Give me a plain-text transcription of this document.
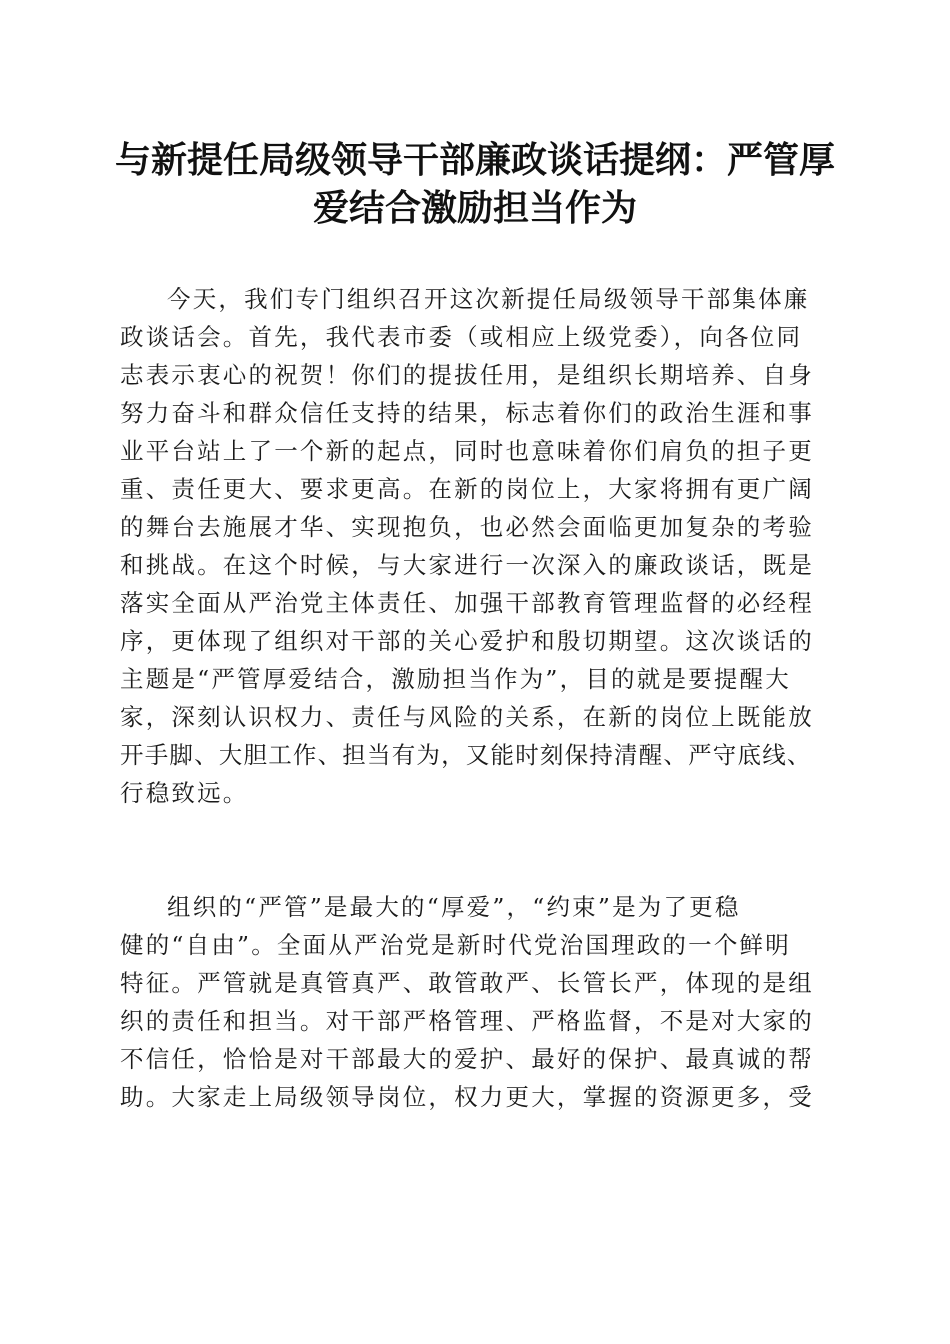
与新提任局级领导干部廉政谈话提纲：严管厚
爱结合激励担当作为
今天，我们专门组织召开这次新提任局级领导干部集体廉
政谈话会。首先，我代表市委（或相应上级党委），向各位同
志表示衷心的祝贺！你们的提拔任用，是组织长期培养、自身
努力奋斗和群众信任支持的结果，标志着你们的政治生涯和事
业平台站上了一个新的起点，同时也意味着你们肩负的担子更
重、责任更大、要求更高。在新的岗位上，大家将拥有更广阔
的舞台去施展才华、实现抱负，也必然会面临更加复杂的考验
和挑战。在这个时候，与大家进行一次深入的廉政谈话，既是
落实全面从严治党主体责任、加强干部教育管理监督的必经程
序，更体现了组织对干部的关心爱护和殷切期望。这次谈话的
主题是“严管厚爱结合，激励担当作为”，目的就是要提醒大
家，深刻认识权力、责任与风险的关系，在新的岗位上既能放
开手脚、大胆工作、担当有为，又能时刻保持清醒、严守底线、
行稳致远。
组织的“严管”是最大的“厚爱”，“约束”是为了更稳
健的“自由”。全面从严治党是新时代党治国理政的一个鲜明
特征。严管就是真管真严、敢管敢严、长管长严，体现的是组
织的责任和担当。对干部严格管理、严格监督，不是对大家的
不信任，恰恰是对干部最大的爱护、最好的保护、最真诚的帮
助。大家走上局级领导岗位，权力更大，掌握的资源更多，受
